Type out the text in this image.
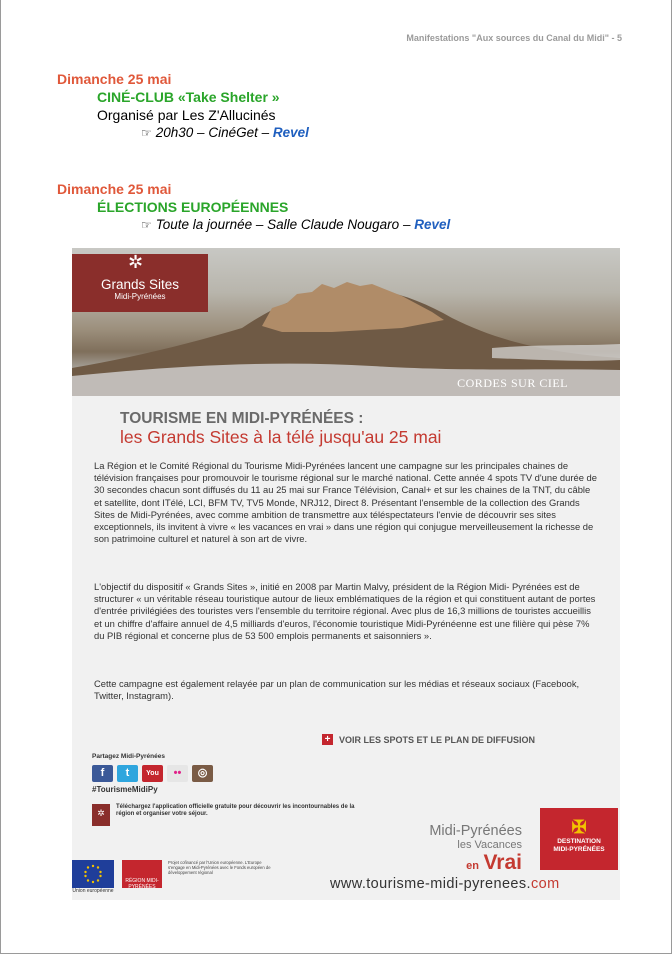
Manifestations "Aux sources du Canal du Midi" - 5
Dimanche 25 mai
CINÉ-CLUB «Take Shelter »
Organisé par Les Z'Allucinés
☞ 20h30 – CinéGet – Revel
Dimanche 25 mai
ÉLECTIONS EUROPÉENNES
☞ Toute la journée – Salle Claude Nougaro – Revel
Grands Sites
Midi-Pyrénées
✲
CORDES SUR CIEL
TOURISME EN MIDI-PYRÉNÉES :
les Grands Sites à la télé jusqu'au 25 mai
La Région et le Comité Régional du Tourisme Midi-Pyrénées lancent une campagne sur les principales chaines de télévision françaises pour promouvoir le tourisme régional sur le marché national. Cette année 4 spots TV d'une durée de 30 secondes chacun sont diffusés du 11 au 25 mai sur France Télévision, Canal+ et sur les chaines de la TNT, du câble et satellite, dont ITélé, LCI, BFM TV, TV5 Monde, NRJ12, Direct 8. Présentant l'ensemble de la collection des Grands Sites de Midi-Pyrénées, avec comme ambition de transmettre aux téléspectateurs l'envie de découvrir ses sites exceptionnels, ils invitent à vivre « les vacances en vrai » dans une région qui conjugue merveilleusement la richesse de son patrimoine culturel et naturel à son art de vivre.
L'objectif du dispositif « Grands Sites », initié en 2008 par Martin Malvy, président de la Région Midi- Pyrénées est de structurer « un véritable réseau touristique autour de lieux emblématiques de la région et qui constituent autant de portes d'entrée privilégiées des touristes vers l'ensemble du territoire régional. Avec plus de 16,3 millions de touristes accueillis et un chiffre d'affaire annuel de 4,5 milliards d'euros, l'économie touristique Midi-Pyrénéenne est une filière qui pèse 7% du PIB régional et concerne plus de 53 500 emplois permanents et saisonniers ».
Cette campagne est également relayée par un plan de communication sur les médias et réseaux sociaux (Facebook, Twitter, Instagram).
+ VOIR LES SPOTS ET LE PLAN DE DIFFUSION
Partagez Midi-Pyrénées
f	t	You	••	◎
#TourismeMidiPy
✲
Téléchargez l'application officielle gratuite pour découvrir les incontournables de la région et organiser votre séjour.
Midi-Pyrénées
les Vacances
en Vrai
✠
DESTINATION
MIDI-PYRÉNÉES
Union européenne
RÉGION MIDI-PYRÉNÉES
Projet cofinancé par l'Union européenne. L'Europe s'engage en Midi-Pyrénées avec le Fonds européen de développement régional
www.tourisme-midi-pyrenees.com
